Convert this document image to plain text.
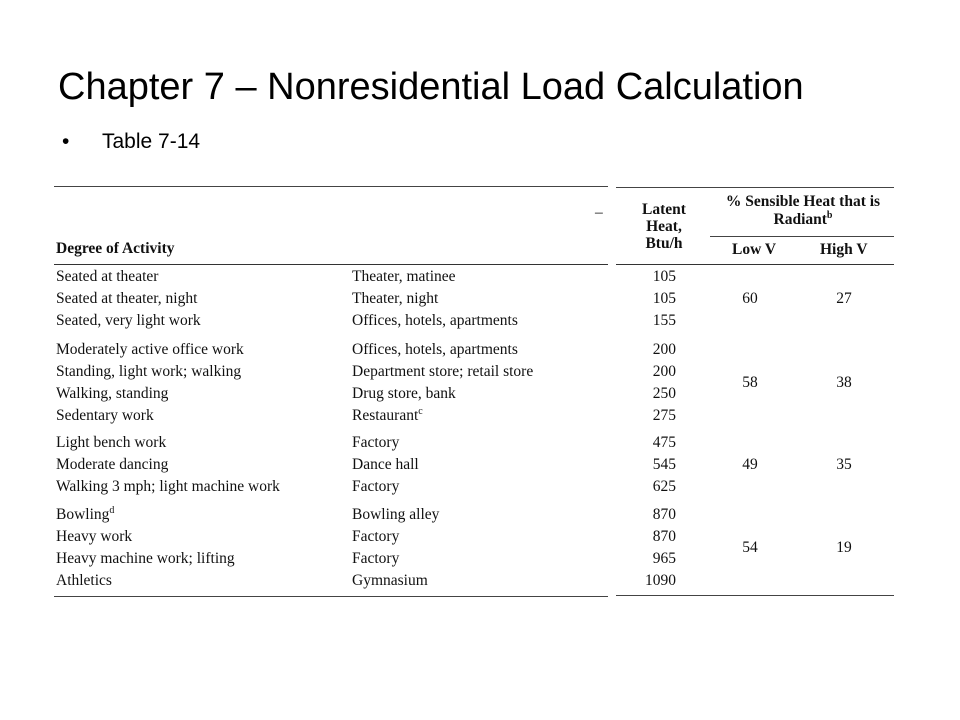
Chapter 7 – Nonresidential Load Calculation
• Table 7-14
Degree of Activity
–	Latent
Heat,
Btu/h
% Sensible Heat that is
Radiant$^b$
Low V	High V
Seated at theater	Theater, matinee	105
Seated at theater, night	Theater, night	105
Seated, very light work	Offices, hotels, apartments	155
60	27
Moderately active office work	Offices, hotels, apartments	200
Standing, light work; walking	Department store; retail store	200
Walking, standing	Drug store, bank	250
Sedentary work	Restaurant$^c$	275
58	38
Light bench work	Factory	475
Moderate dancing	Dance hall	545
Walking 3 mph; light machine work	Factory	625
49	35
Bowling$^d$	Bowling alley	870
Heavy work	Factory	870
Heavy machine work; lifting	Factory	965
Athletics	Gymnasium	1090
54	19
